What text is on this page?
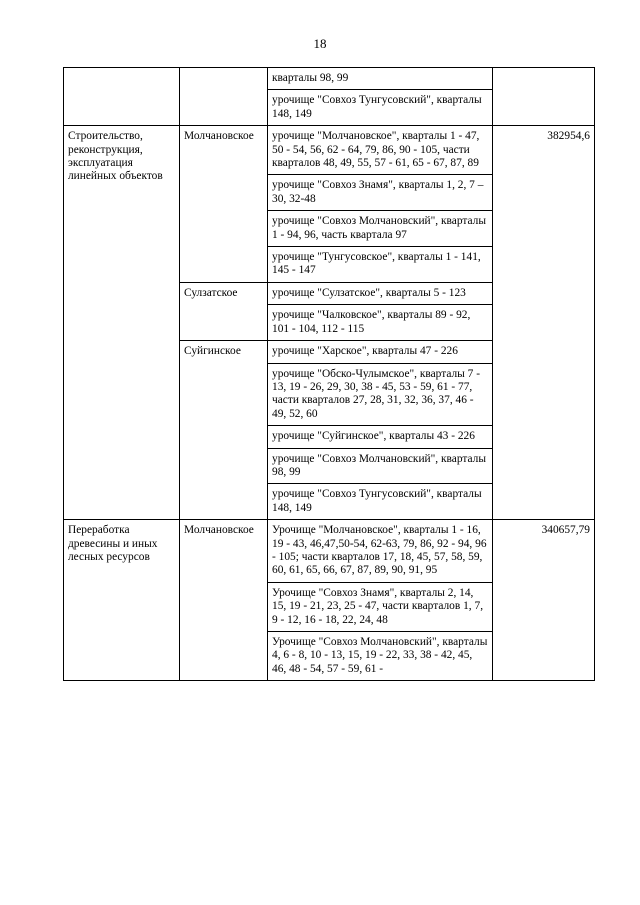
18
		кварталы 98, 99	
		урочище "Совхоз Тунгусовский", кварталы 148, 149	
Строительство, реконструкция, эксплуатация линейных объектов	Молчановское	урочище "Молчановское", кварталы 1 - 47, 50 - 54, 56, 62 - 64, 79, 86, 90 - 105, части кварталов 48, 49, 55, 57 - 61, 65 - 67, 87, 89	382954,6
		урочище "Совхоз Знамя", кварталы 1, 2, 7 – 30, 32-48	
		урочище "Совхоз Молчановский", кварталы 1 - 94, 96, часть квартала 97	
		урочище "Тунгусовское", кварталы 1 - 141, 145 - 147	
	Сулзатское	урочище "Сулзатское", кварталы 5 - 123	
		урочище "Чалковское", кварталы 89 - 92, 101 - 104, 112 - 115	
	Суйгинское	урочище "Харское", кварталы 47 - 226	
		урочище "Обско-Чулымское", кварталы 7 - 13, 19 - 26, 29, 30, 38 - 45, 53 - 59, 61 - 77, части кварталов 27, 28, 31, 32, 36, 37, 46 - 49, 52, 60	
		урочище "Суйгинское", кварталы 43 - 226	
		урочище "Совхоз Молчановский", кварталы 98, 99	
		урочище "Совхоз Тунгусовский", кварталы 148, 149	
Переработка древесины и иных лесных ресурсов	Молчановское	Урочище "Молчановское", кварталы 1 - 16, 19 - 43, 46,47,50-54, 62-63, 79, 86, 92 - 94, 96 - 105; части кварталов 17, 18, 45, 57, 58, 59, 60, 61, 65, 66, 67, 87, 89, 90, 91, 95	340657,79
		Урочище "Совхоз Знамя", кварталы 2, 14, 15, 19 - 21, 23, 25 - 47, части кварталов 1, 7, 9 - 12, 16 - 18, 22, 24, 48	
		Урочище "Совхоз Молчановский", кварталы 4, 6 - 8, 10 - 13, 15, 19 - 22, 33, 38 - 42, 45, 46, 48 - 54, 57 - 59, 61 -	
